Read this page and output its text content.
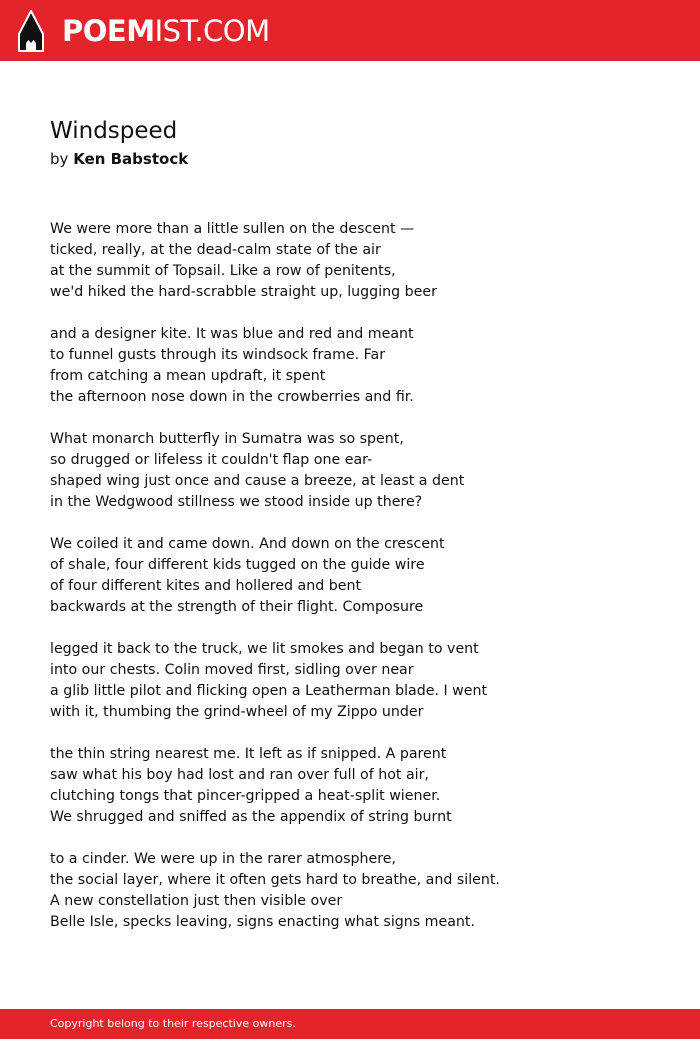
POEMIST.COM
Windspeed
by Ken Babstock
We were more than a little sullen on the descent —
ticked, really, at the dead-calm state of the air
at the summit of Topsail. Like a row of penitents,
we'd hiked the hard-scrabble straight up, lugging beer
and a designer kite. It was blue and red and meant
to funnel gusts through its windsock frame. Far
from catching a mean updraft, it spent
the afternoon nose down in the crowberries and fir.
What monarch butterfly in Sumatra was so spent,
so drugged or lifeless it couldn't flap one ear-
shaped wing just once and cause a breeze, at least a dent
in the Wedgwood stillness we stood inside up there?
We coiled it and came down. And down on the crescent
of shale, four different kids tugged on the guide wire
of four different kites and hollered and bent
backwards at the strength of their flight. Composure
legged it back to the truck, we lit smokes and began to vent
into our chests. Colin moved first, sidling over near
a glib little pilot and flicking open a Leatherman blade. I went
with it, thumbing the grind-wheel of my Zippo under
the thin string nearest me. It left as if snipped. A parent
saw what his boy had lost and ran over full of hot air,
clutching tongs that pincer-gripped a heat-split wiener.
We shrugged and sniffed as the appendix of string burnt
to a cinder. We were up in the rarer atmosphere,
the social layer, where it often gets hard to breathe, and silent.
A new constellation just then visible over
Belle Isle, specks leaving, signs enacting what signs meant.
Copyright belong to their respective owners.
